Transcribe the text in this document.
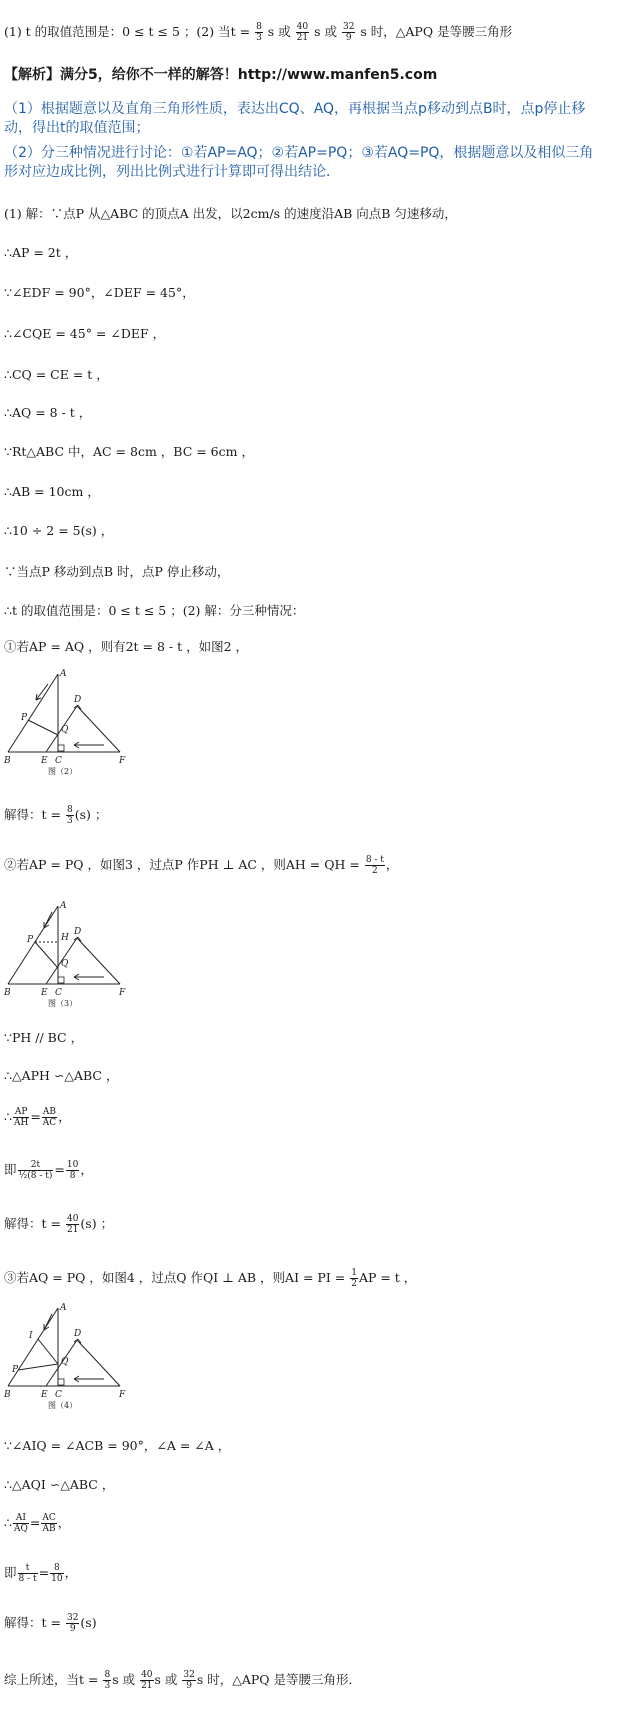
(1) t 的取值范围是：0 ≤ t ≤ 5 ；(2) 当$t = \frac{8}{3}$ s 或 $\frac{40}{21}$ s 或 $\frac{32}{9}$ s 时，△APQ 是等腰三角形
【解析】满分5，给你不一样的解答！http://www.manfen5.com
（1）根据题意以及直角三角形性质，表达出CQ、AQ，再根据当点p移动到点B时，点p停止移
动，得出t的取值范围；
（2）分三种情况进行讨论：①若AP=AQ；②若AP=PQ；③若AQ=PQ，根据题意以及相似三角
形对应边成比例，列出比例式进行计算即可得出结论．
(1) 解：∵点P 从△ABC 的顶点A 出发，以2cm/s 的速度沿AB 向点B 匀速移动，
∴AP = 2t ，
∵∠EDF = 90°，∠DEF = 45°，
∴∠CQE = 45° = ∠DEF ，
∴CQ = CE = t ，
∴AQ = 8 - t ，
∵Rt△ABC 中，AC = 8cm ，BC = 6cm ，
∴AB = 10cm ，
∴10 ÷ 2 = 5(s) ，
∵当点P 移动到点B 时，点P 停止移动，
∴t 的取值范围是：0 ≤ t ≤ 5 ；(2) 解：分三种情况：
①若AP = AQ ，则有2t = 8 - t ，如图2 ，
A
B	E C
D
F
P
Q
图（2）
解得：$t = \frac{8}{3} (s)$ ；
②若AP = PQ ，如图3 ，过点P 作PH ⊥ AC ，则AH = QH = $\frac{8 - t}{2}$ ，
A
B	E C
D
F
P
Q
H
图（3）
∵PH // BC ，
∴△APH ∽△ABC ，
∴ $\frac{AP}{AH} = \frac{AB}{AC}$ ，
即 $\frac{2t}{\text{½(8 - t)}} = \frac{10}{8}$ ，
解得：$t = \frac{40}{21} (s)$ ；
③若AQ = PQ ，如图4 ，过点Q 作QI ⊥ AB ，则AI = PI = $\frac{1}{2}$ AP = t ，
A
B	E C
D
F
P
Q
I
图（4）
∵∠AIQ = ∠ACB = 90°，∠A = ∠A ，
∴△AQI ∽△ABC ，
∴ $\frac{AI}{AQ} = \frac{AC}{AB}$ ，
即 $\frac{t}{8 - t} = \frac{8}{10}$ ，
解得：$t = \frac{32}{9} (s)$
综上所述，当$t = \frac{8}{3}$ s 或 $\frac{40}{21}$ s 或 $\frac{32}{9}$ s 时，△APQ 是等腰三角形．
